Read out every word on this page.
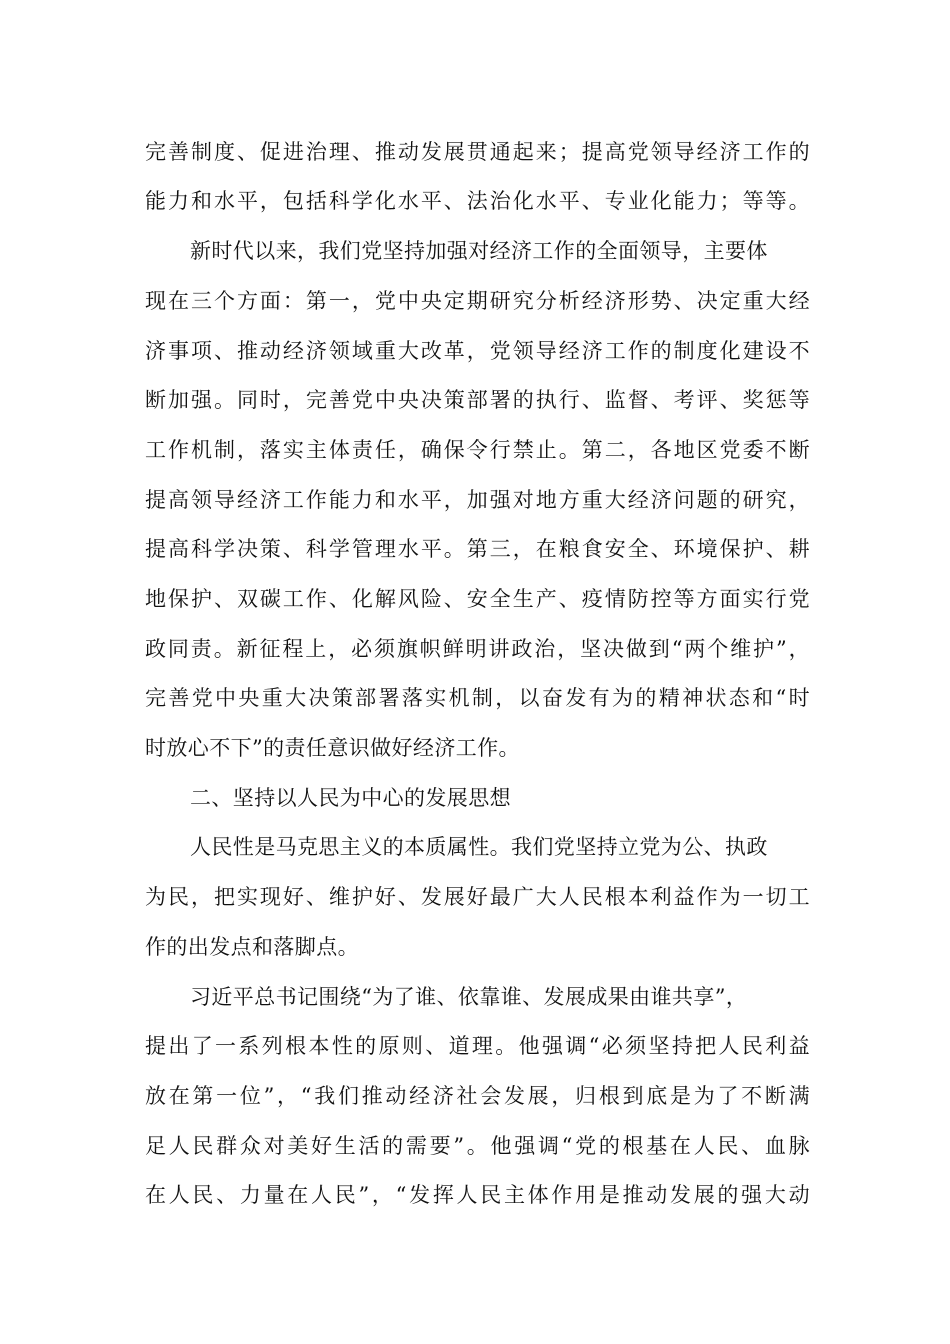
完善制度、促进治理、推动发展贯通起来；提高党领导经济工作的
能力和水平，包括科学化水平、法治化水平、专业化能力；等等。
新时代以来，我们党坚持加强对经济工作的全面领导，主要体
现在三个方面：第一，党中央定期研究分析经济形势、决定重大经
济事项、推动经济领域重大改革，党领导经济工作的制度化建设不
断加强。同时，完善党中央决策部署的执行、监督、考评、奖惩等
工作机制，落实主体责任，确保令行禁止。第二，各地区党委不断
提高领导经济工作能力和水平，加强对地方重大经济问题的研究，
提高科学决策、科学管理水平。第三，在粮食安全、环境保护、耕
地保护、双碳工作、化解风险、安全生产、疫情防控等方面实行党
政同责。新征程上，必须旗帜鲜明讲政治，坚决做到“两个维护”，
完善党中央重大决策部署落实机制，以奋发有为的精神状态和“时
时放心不下”的责任意识做好经济工作。
二、坚持以人民为中心的发展思想
人民性是马克思主义的本质属性。我们党坚持立党为公、执政
为民，把实现好、维护好、发展好最广大人民根本利益作为一切工
作的出发点和落脚点。
习近平总书记围绕“为了谁、依靠谁、发展成果由谁共享”，
提出了一系列根本性的原则、道理。他强调“必须坚持把人民利益
放在第一位”，“我们推动经济社会发展，归根到底是为了不断满
足人民群众对美好生活的需要”。他强调“党的根基在人民、血脉
在人民、力量在人民”，“发挥人民主体作用是推动发展的强大动
